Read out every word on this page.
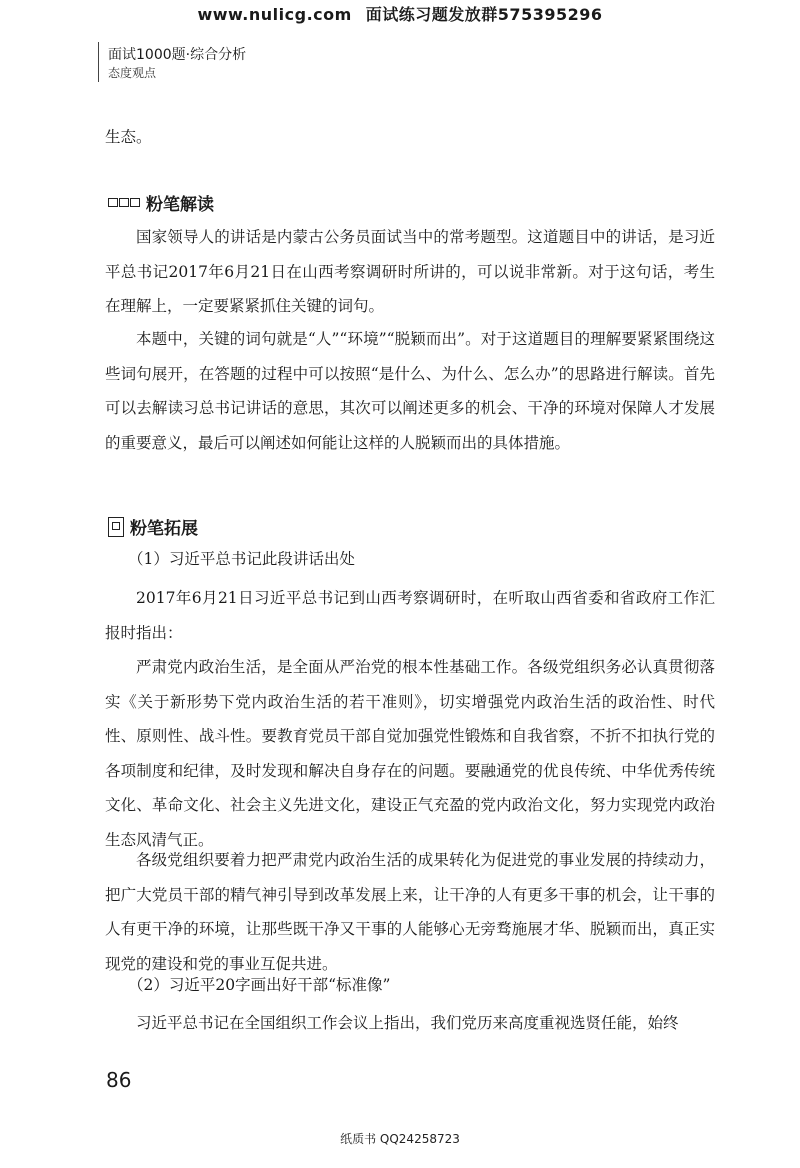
www.nulicg.com 面试练习题发放群575395296
面试1000题·综合分析
态度观点
生态。
粉笔解读
国家领导人的讲话是内蒙古公务员面试当中的常考题型。这道题目中的讲话，是习近平总书记2017年6月21日在山西考察调研时所讲的，可以说非常新。对于这句话，考生在理解上，一定要紧紧抓住关键的词句。
本题中，关键的词句就是“人”“环境”“脱颖而出”。对于这道题目的理解要紧紧围绕这些词句展开，在答题的过程中可以按照“是什么、为什么、怎么办”的思路进行解读。首先可以去解读习总书记讲话的意思，其次可以阐述更多的机会、干净的环境对保障人才发展的重要意义，最后可以阐述如何能让这样的人脱颖而出的具体措施。
粉笔拓展
（1）习近平总书记此段讲话出处
2017年6月21日习近平总书记到山西考察调研时，在听取山西省委和省政府工作汇报时指出：
严肃党内政治生活，是全面从严治党的根本性基础工作。各级党组织务必认真贯彻落实《关于新形势下党内政治生活的若干准则》，切实增强党内政治生活的政治性、时代性、原则性、战斗性。要教育党员干部自觉加强党性锻炼和自我省察，不折不扣执行党的各项制度和纪律，及时发现和解决自身存在的问题。要融通党的优良传统、中华优秀传统文化、革命文化、社会主义先进文化，建设正气充盈的党内政治文化，努力实现党内政治生态风清气正。
各级党组织要着力把严肃党内政治生活的成果转化为促进党的事业发展的持续动力，把广大党员干部的精气神引导到改革发展上来，让干净的人有更多干事的机会，让干事的人有更干净的环境，让那些既干净又干事的人能够心无旁骛施展才华、脱颖而出，真正实现党的建设和党的事业互促共进。
（2）习近平20字画出好干部“标准像”
习近平总书记在全国组织工作会议上指出，我们党历来高度重视选贤任能，始终
86
纸质书 QQ24258723
